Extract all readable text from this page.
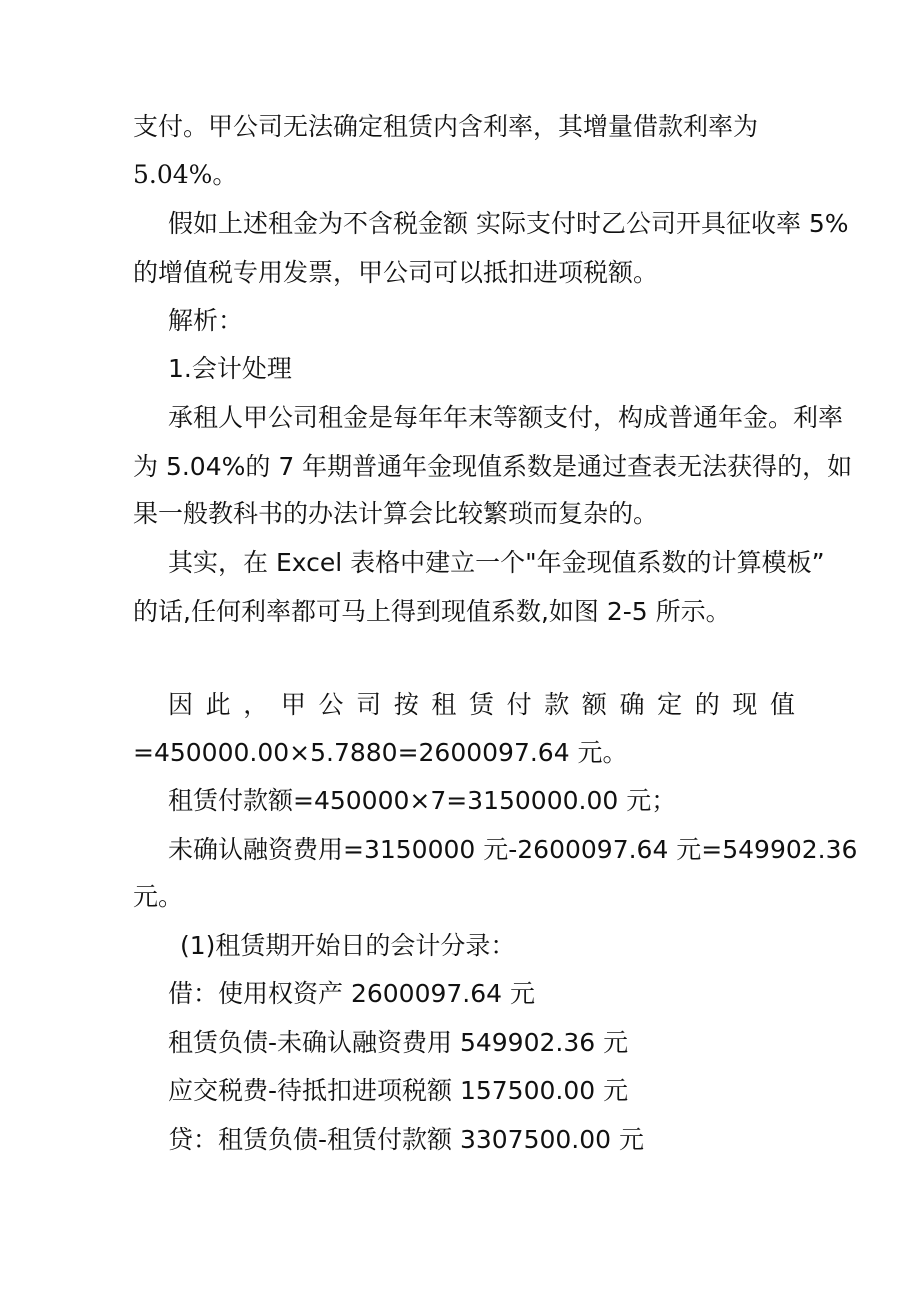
支付。甲公司无法确定租赁内含利率，其增量借款利率为
5.04%。
假如上述租金为不含税金额 实际支付时乙公司开具征收率 5%
的增值税专用发票，甲公司可以抵扣进项税额。
解析：
1.会计处理
承租人甲公司租金是每年年末等额支付，构成普通年金。利率
为 5.04%的 7 年期普通年金现值系数是通过查表无法获得的，如
果一般教科书的办法计算会比较繁琐而复杂的。
其实，在 Excel 表格中建立一个"年金现值系数的计算模板”
的话,任何利率都可马上得到现值系数,如图 2-5 所示。
因此，甲公司按租赁付款额确定的现值
=450000.00×5.7880=2600097.64 元。
租赁付款额=450000×7=3150000.00 元；
未确认融资费用=3150000 元-2600097.64 元=549902.36
元。
(1)租赁期开始日的会计分录：
借：使用权资产 2600097.64 元
租赁负债-未确认融资费用 549902.36 元
应交税费-待抵扣进项税额 157500.00 元
贷：租赁负债-租赁付款额 3307500.00 元
